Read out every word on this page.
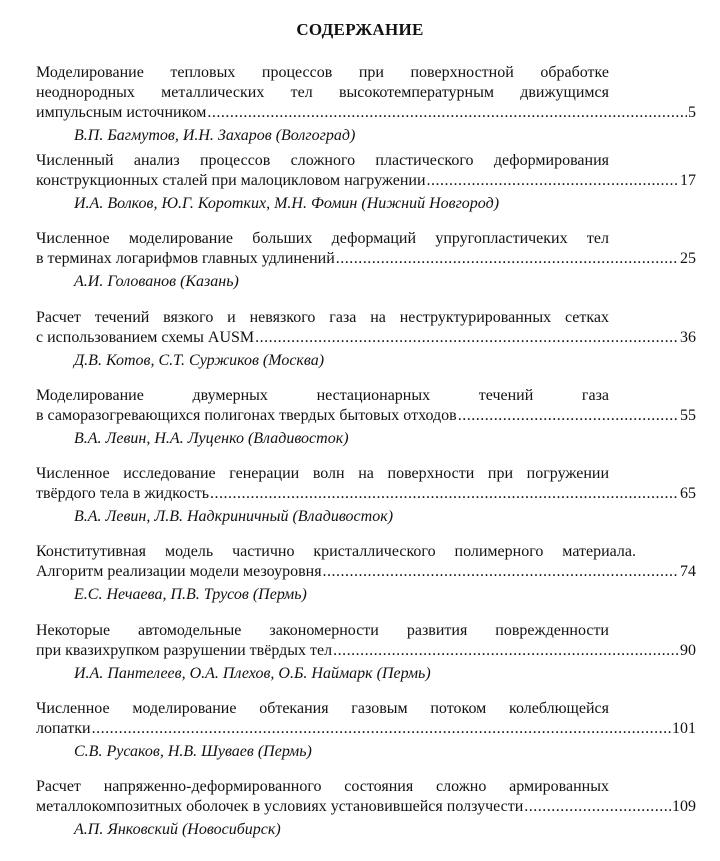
СОДЕРЖАНИЕ
Моделирование тепловых процессов при поверхностной обработке
неоднородных металлических тел высокотемпературным движущимся
импульсным источником .....	5
В.П. Багмутов, И.Н. Захаров (Волгоград)
Численный анализ процессов сложного пластического деформирования
конструкционных сталей при малоцикловом нагружении .....	17
И.А. Волков, Ю.Г. Коротких, М.Н. Фомин (Нижний Новгород)
Численное моделирование больших деформаций упругопластичеких тел
в терминах логарифмов главных удлинений .....	25
А.И. Голованов (Казань)
Расчет течений вязкого и невязкого газа на неструктурированных сетках
с использованием схемы AUSM .....	36
Д.В. Котов, С.Т. Суржиков (Москва)
Моделирование двумерных нестационарных течений газа
в саморазогревающихся полигонах твердых бытовых отходов .....	55
В.А. Левин, Н.А. Луценко (Владивосток)
Численное исследование генерации волн на поверхности при погружении
твёрдого тела в жидкость .....	65
В.А. Левин, Л.В. Надкриничный (Владивосток)
Конститутивная модель частично кристаллического полимерного материала.
Алгоритм реализации модели мезоуровня .....	74
Е.С. Нечаева, П.В. Трусов (Пермь)
Некоторые автомодельные закономерности развития поврежденности
при квазихрупком разрушении твёрдых тел .....	90
И.А. Пантелеев, О.А. Плехов, О.Б. Наймарк (Пермь)
Численное моделирование обтекания газовым потоком колеблющейся
лопатки .....	101
С.В. Русаков, Н.В. Шуваев (Пермь)
Расчет напряженно-деформированного состояния сложно армированных
металлокомпозитных оболочек в условиях установившейся ползучести .....	109
А.П. Янковский (Новосибирск)
